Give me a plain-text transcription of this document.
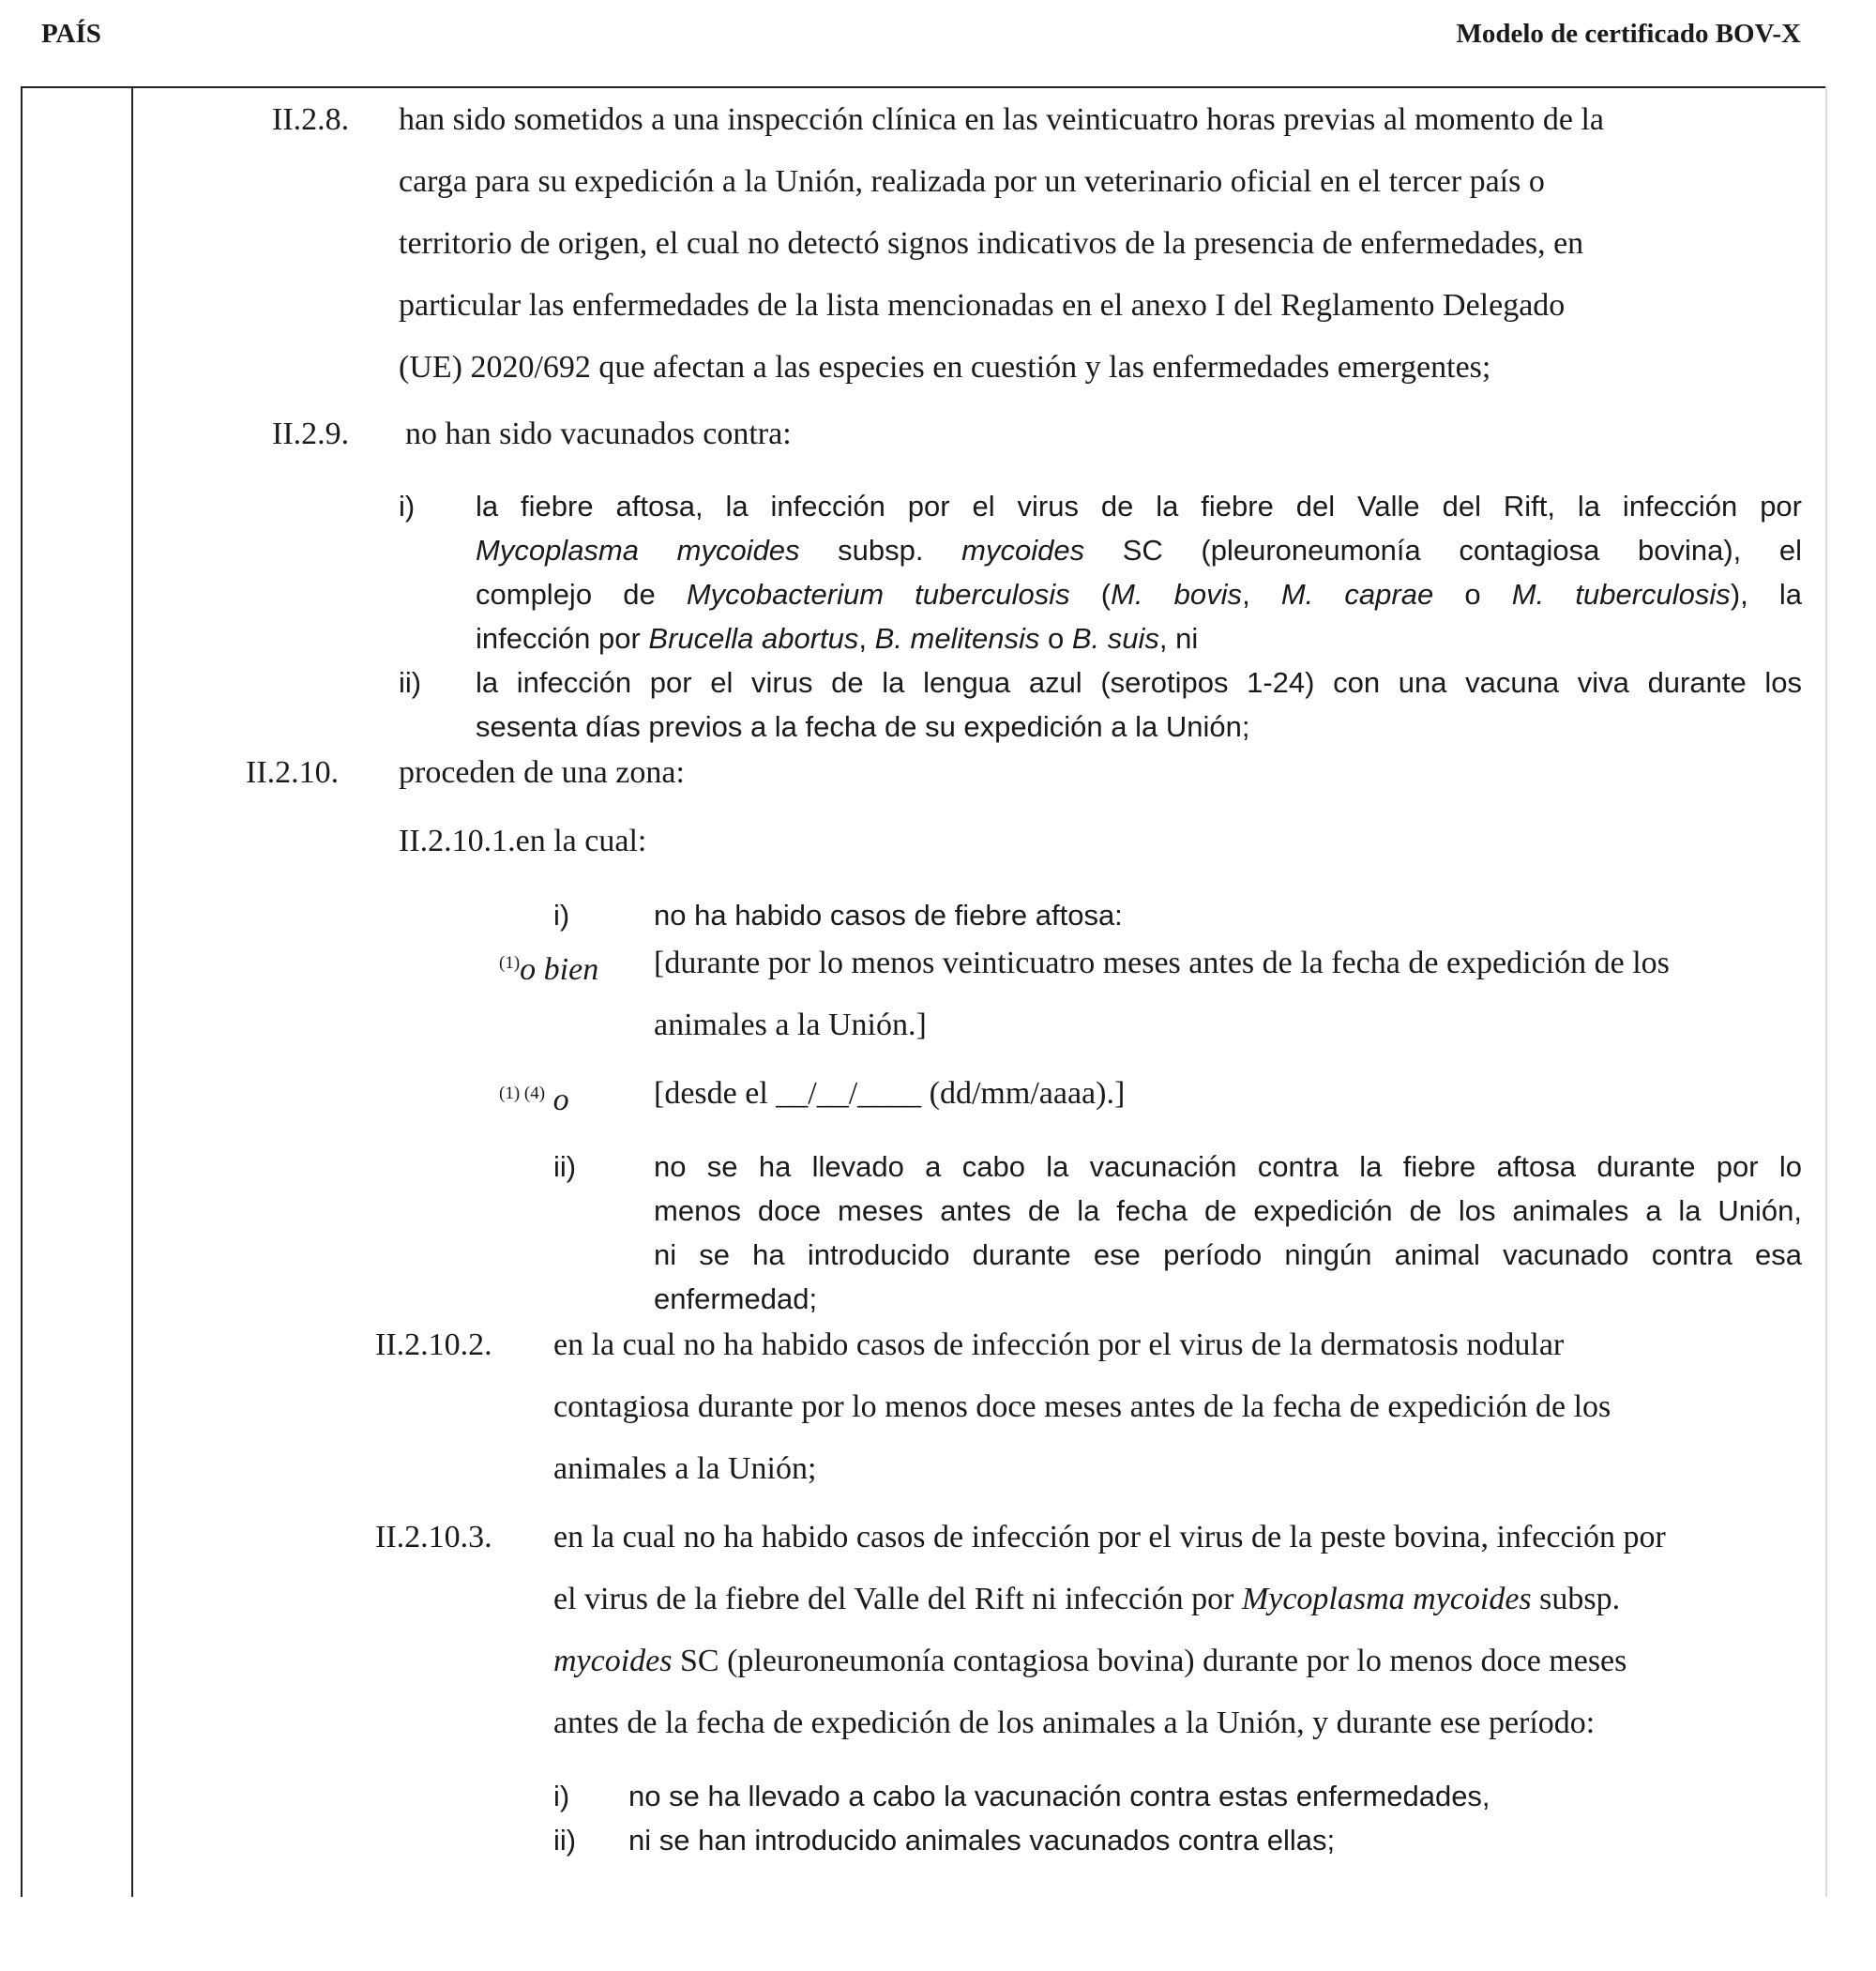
PAÍS	Modelo de certificado BOV-X
II.2.8. han sido sometidos a una inspección clínica en las veinticuatro horas previas al momento de la
carga para su expedición a la Unión, realizada por un veterinario oficial en el tercer país o
territorio de origen, el cual no detectó signos indicativos de la presencia de enfermedades, en
particular las enfermedades de la lista mencionadas en el anexo I del Reglamento Delegado
(UE) 2020/692 que afectan a las especies en cuestión y las enfermedades emergentes;
II.2.9. no han sido vacunados contra:
i) la fiebre aftosa, la infección por el virus de la fiebre del Valle del Rift, la infección por
Mycoplasma mycoides subsp. mycoides SC (pleuroneumonía contagiosa bovina), el
complejo de Mycobacterium tuberculosis (M. bovis, M. caprae o M. tuberculosis), la
infección por Brucella abortus, B. melitensis o B. suis, ni
ii) la infección por el virus de la lengua azul (serotipos 1-24) con una vacuna viva durante los
sesenta días previos a la fecha de su expedición a la Unión;
II.2.10. proceden de una zona:
II.2.10.1.en la cual:
i)	no ha habido casos de fiebre aftosa:
$^{(1)}$o bien [durante por lo menos veinticuatro meses antes de la fecha de expedición de los
animales a la Unión.]
$^{(1) (4)}$ o	[desde el __/__/____ (dd/mm/aaaa).]
ii)	no se ha llevado a cabo la vacunación contra la fiebre aftosa durante por lo
menos doce meses antes de la fecha de expedición de los animales a la Unión,
ni se ha introducido durante ese período ningún animal vacunado contra esa
enfermedad;
II.2.10.2. en la cual no ha habido casos de infección por el virus de la dermatosis nodular
contagiosa durante por lo menos doce meses antes de la fecha de expedición de los
animales a la Unión;
II.2.10.3. en la cual no ha habido casos de infección por el virus de la peste bovina, infección por
el virus de la fiebre del Valle del Rift ni infección por Mycoplasma mycoides subsp.
mycoides SC (pleuroneumonía contagiosa bovina) durante por lo menos doce meses
antes de la fecha de expedición de los animales a la Unión, y durante ese período:
i) no se ha llevado a cabo la vacunación contra estas enfermedades,
ii) ni se han introducido animales vacunados contra ellas;
